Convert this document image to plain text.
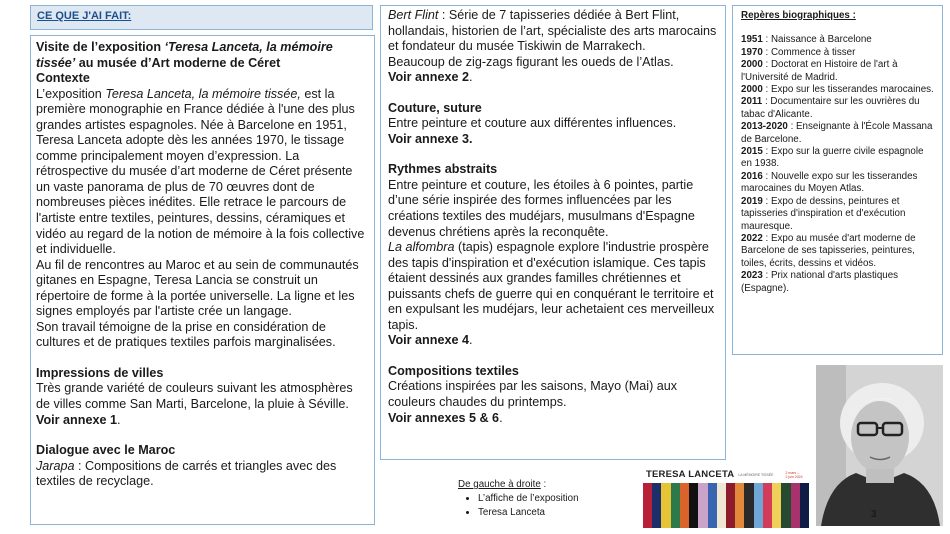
CE QUE J'AI FAIT:

Visite de l’exposition ‘Teresa Lanceta, la mémoire tissée’ au musée d’Art moderne de Céret

Contexte

L’exposition Teresa Lanceta, la mémoire tissée, est la première monographie en France dédiée à l'une des plus grandes artistes espagnoles. Née à Barcelone en 1951, Teresa Lanceta adopte dès les années 1970, le tissage comme principalement moyen d’expression. La rétrospective du musée d’art moderne de Céret présente un vaste panorama de plus de 70 œuvres dont de nombreuses pièces inédites. Elle retrace le parcours de l'artiste entre textiles, peintures, dessins, céramiques et vidéo au regard de la notion de mémoire à la fois collective et individuelle.

Au fil de rencontres au Maroc et au sein de communautés gitanes en Espagne, Teresa Lancia se construit un répertoire de forme à la portée universelle. La ligne et les signes employés par l'artiste crée un langage.

Son travail témoigne de la prise en considération de cultures et de pratiques textiles parfois marginalisées.

Impressions de villes

Très grande variété de couleurs suivant les atmosphères de villes comme San Marti, Barcelone, la pluie à Séville.

Voir annexe 1.

Dialogue avec le Maroc

Jarapa : Compositions de carrés et triangles avec des textiles de recyclage.

Bert Flint : Série de 7 tapisseries dédiée à Bert Flint, hollandais, historien de l’art, spécialiste des arts marocains et fondateur du musée Tiskiwin de Marrakech.

Beaucoup de zig-zags figurant les oueds de l’Atlas.

Voir annexe 2.

Couture, suture

Entre peinture et couture aux différentes influences.

Voir annexe 3.

Rythmes abstraits

Entre peinture et couture, les étoiles à 6 pointes, partie d’une série inspirée des formes influencées par les créations textiles des mudéjars, musulmans d'Espagne devenus chrétiens après la reconquête.

La alfombra (tapis) espagnole explore l'industrie prospère des tapis d'inspiration et d'exécution islamique. Ces tapis étaient dessinés aux grandes familles chrétiennes et puissants chefs de guerre qui en conquérant le territoire et en expulsant les mudéjars, leur achetaient ces merveilleux tapis.

Voir annexe 4.

Compositions textiles

Créations inspirées par les saisons, Mayo (Mai) aux couleurs chaudes du printemps.

Voir annexes 5 & 6.

Repères biographiques :

1951 : Naissance à Barcelone

1970 : Commence à tisser

2000 : Doctorat en Histoire de l'art à l'Université de Madrid.

2000 : Expo sur les tisserandes marocaines.

2011 : Documentaire sur les ouvrières du tabac d'Alicante.

2013-2020 : Enseignante à l'École Massana de Barcelone.

2015 : Expo sur la guerre civile espagnole en 1938.

2016 : Nouvelle expo sur les tisserandes marocaines du Moyen Atlas.

2019 : Expo de dessins, peintures et tapisseries d'inspiration et d'exécution mauresque.

2022 : Expo au musée d'art moderne de Barcelone de ses tapisseries, peintures, toiles, écrits, dessins et vidéos.

2023 : Prix national d'arts plastiques (Espagne).

De gauche à droite :

• L’affiche de l’exposition
• Teresa Lanceta
TERESA LANCETA LA MÉMOIRE TISSÉE	2 mars –
2 juin 2024
3
